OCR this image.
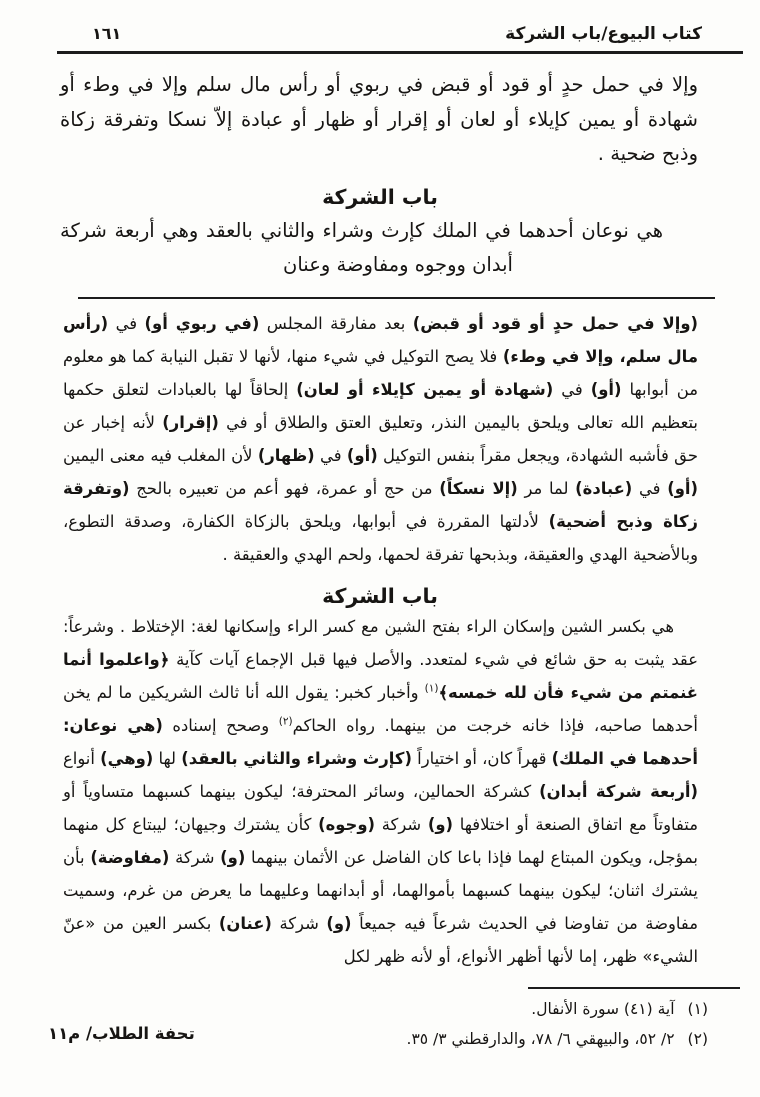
كتاب البيوع/باب الشركة
١٦١
وإلا في حمل حدٍ أو قود أو قبض في ربوي أو رأس مال سلم وإلا في وطء أو شهادة أو يمين كإيلاء أو لعان أو إقرار أو ظهار أو عبادة إلاّ نسكا وتفرقة زكاة وذبح ضحية .
باب الشركة
هي نوعان أحدهما في الملك كإرث وشراء والثاني بالعقد وهي أربعة شركة
أبدان ووجوه ومفاوضة وعنان
(وإلا في حمل حدٍ أو قود أو قبض) بعد مفارقة المجلس (في ربوي أو) في (رأس مال سلم، وإلا في وطء) فلا يصح التوكيل في شيء منها، لأنها لا تقبل النيابة كما هو معلوم من أبوابها (أو) في (شهادة أو يمين كإيلاء أو لعان) إلحاقاً لها بالعبادات لتعلق حكمها بتعظيم الله تعالى ويلحق باليمين النذر، وتعليق العتق والطلاق أو في (إقرار) لأنه إخبار عن حق فأشبه الشهادة، ويجعل مقراً بنفس التوكيل (أو) في (ظهار) لأن المغلب فيه معنى اليمين (أو) في (عبادة) لما مر (إلا نسكاً) من حج أو عمرة، فهو أعم من تعبيره بالحج (وتفرقة زكاة وذبح أضحية) لأدلتها المقررة في أبوابها، ويلحق بالزكاة الكفارة، وصدقة التطوع، وبالأضحية الهدي والعقيقة، وبذبحها تفرقة لحمها، ولحم الهدي والعقيقة .
باب الشركة
هي بكسر الشين وإسكان الراء بفتح الشين مع كسر الراء وإسكانها لغة: الإختلاط . وشرعاً: عقد يثبت به حق شائع في شيء لمتعدد. والأصل فيها قبل الإجماع آيات كآية ﴿واعلموا أنما غنمتم من شيء فأن لله خمسه﴾$^{(١)}$ وأخبار كخبر: يقول الله أنا ثالث الشريكين ما لم يخن أحدهما صاحبه، فإذا خانه خرجت من بينهما. رواه الحاكم$^{(٢)}$ وصحح إسناده (هي نوعان: أحدهما في الملك) قهراً كان، أو اختياراً (كإرث وشراء والثاني بالعقد) لها (وهي) أنواع (أربعة شركة أبدان) كشركة الحمالين، وسائر المحترفة؛ ليكون بينهما كسبهما متساوياً أو متفاوتاً مع اتفاق الصنعة أو اختلافها (و) شركة (وجوه) كأن يشترك وجيهان؛ ليبتاع كل منهما بمؤجل، ويكون المبتاع لهما فإذا باعا كان الفاضل عن الأثمان بينهما (و) شركة (مفاوضة) بأن يشترك اثنان؛ ليكون بينهما كسبهما بأموالهما، أو أبدانهما وعليهما ما يعرض من غرم، وسميت مفاوضة من تفاوضا في الحديث شرعاً فيه جميعاً (و) شركة (عنان) بكسر العين من «عنّ الشيء» ظهر، إما لأنها أظهر الأنواع، أو لأنه ظهر لكل
(١)
آية (٤١) سورة الأنفال.
(٢)
٢/ ٥٢، والبيهقي ٦/ ٧٨، والدارقطني ٣/ ٣٥.
تحفة الطلاب/ م١١
